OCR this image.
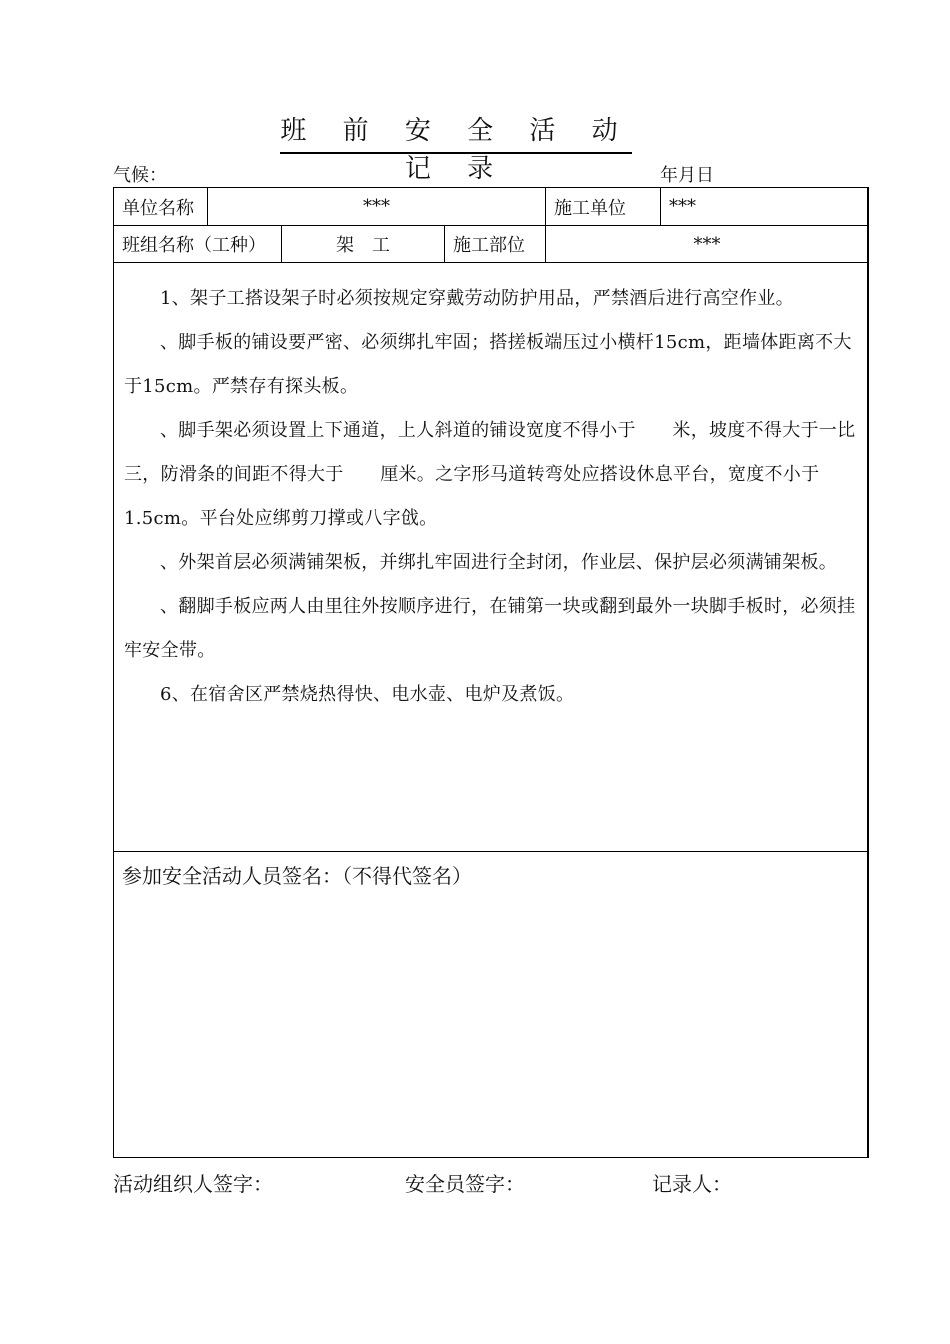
班 前 安 全 活 动 记 录
气候：	年月日
单位名称	***	施工单位	***
班组名称（工种）	架　工	施工部位	***

1、架子工搭设架子时必须按规定穿戴劳动防护用品，严禁酒后进行高空作业。

、脚手板的铺设要严密、必须绑扎牢固；搭搓板端压过小横杆15cm，距墙体距离不大于15cm。严禁存有探头板。

、脚手架必须设置上下通道，上人斜道的铺设宽度不得小于　　米，坡度不得大于一比三，防滑条的间距不得大于　　厘米。之字形马道转弯处应搭设休息平台，宽度不小于1.5cm。平台处应绑剪刀撑或八字戗。

、外架首层必须满铺架板，并绑扎牢固进行全封闭，作业层、保护层必须满铺架板。

、翻脚手板应两人由里往外按顺序进行，在铺第一块或翻到最外一块脚手板时，必须挂牢安全带。

6、在宿舍区严禁烧热得快、电水壶、电炉及煮饭。

参加安全活动人员签名：（不得代签名）
活动组织人签字：	安全员签字：	记录人：
